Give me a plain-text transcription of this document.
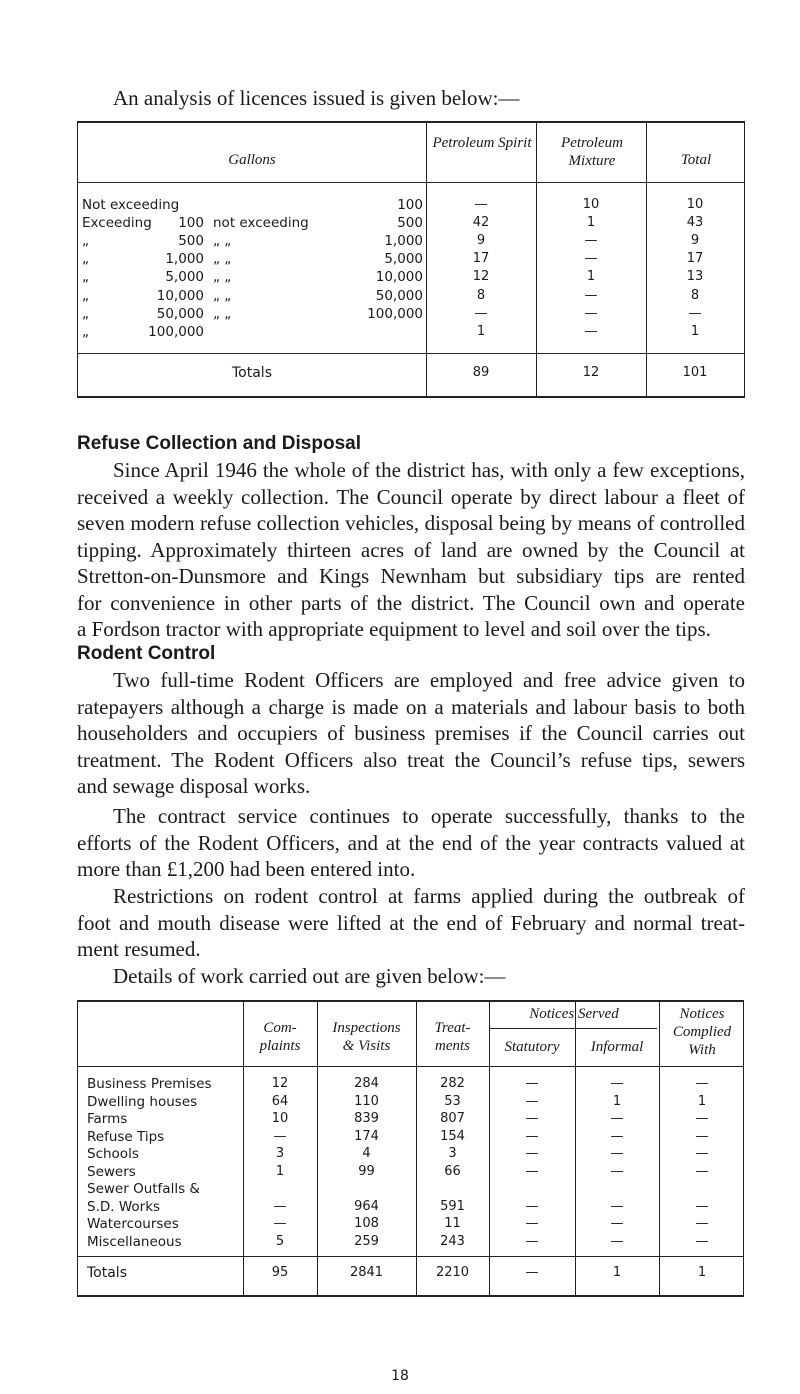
An analysis of licences issued is given below:—
Gallons
Petroleum Spirit	Petroleum Mixture	Total
Not exceeding	100	—	10	10
Exceeding	100 not exceeding	500	42	1	43
„	500 „ „	1,000	9	—	9
„	1,000 „ „	5,000	17	—	17
„	5,000 „ „	10,000	12	1	13
„	10,000 „ „	50,000	8	—	8
„	50,000 „ „	100,000	—	—	—
„	100,000	1	—	1
Totals	89	12	101
Refuse Collection and Disposal
Since April 1946 the whole of the district has, with only a few exceptions,
received a weekly collection. The Council operate by direct labour a fleet of
seven modern refuse collection vehicles, disposal being by means of controlled
tipping. Approximately thirteen acres of land are owned by the Council at
Stretton-on-Dunsmore and Kings Newnham but subsidiary tips are rented
for convenience in other parts of the district. The Council own and operate
a Fordson tractor with appropriate equipment to level and soil over the tips.
Rodent Control
Two full-time Rodent Officers are employed and free advice given to
ratepayers although a charge is made on a materials and labour basis to both
householders and occupiers of business premises if the Council carries out
treatment. The Rodent Officers also treat the Council’s refuse tips, sewers
and sewage disposal works.
The contract service continues to operate successfully, thanks to the
efforts of the Rodent Officers, and at the end of the year contracts valued at
more than £1,200 had been entered into.
Restrictions on rodent control at farms applied during the outbreak of
foot and mouth disease were lifted at the end of February and normal treat-
ment resumed.
Details of work carried out are given below:—
Com-
plaints
Inspections
& Visits
Treat-
ments
Notices Served
Statutory	Informal
Notices
Complied
With
Business Premises	12	284	282	—	—	—
Dwelling houses	64	110	53	—	1	1
Farms	10	839	807	—	—	—
Refuse Tips	—	174	154	—	—	—
Schools	3	4	3	—	—	—
Sewers	1	99	66	—	—	—
Sewer Outfalls &
S.D. Works	—	964	591	—	—	—
Watercourses	—	108	11	—	—	—
Miscellaneous	5	259	243	—	—	—
Totals	95	2841	2210	—	1	1
18
